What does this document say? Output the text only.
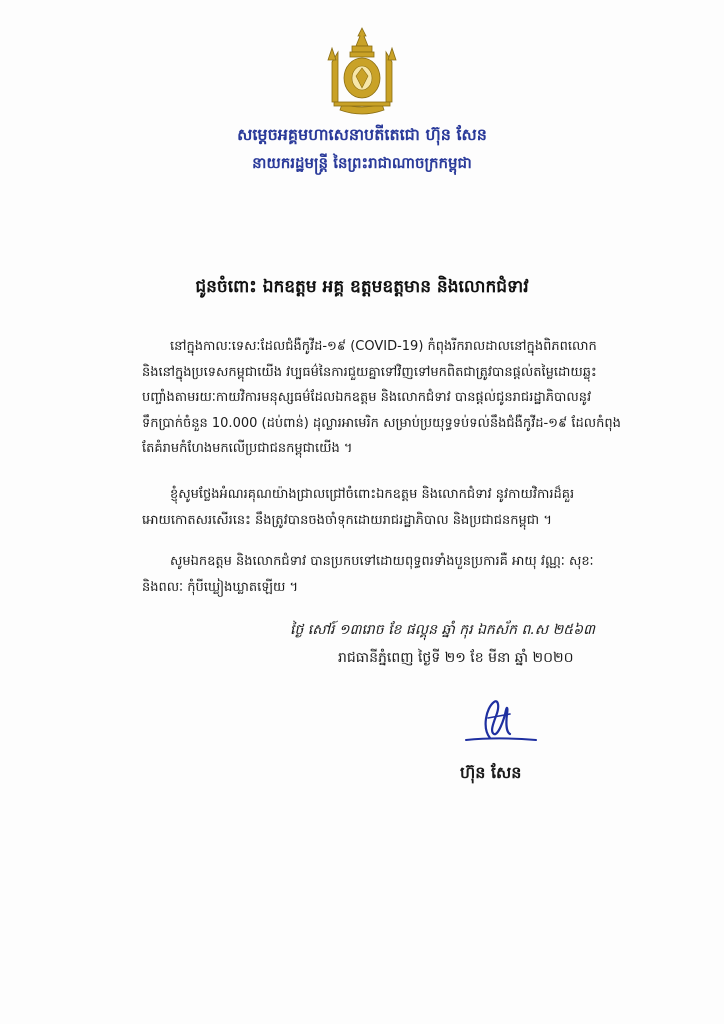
សម្តេចអគ្គមហាសេនាបតីតេជោ ហ៊ុន សែន
នាយករដ្ឋមន្ត្រី នៃព្រះរាជាណាចក្រកម្ពុជា
ជូនចំពោះ ឯកឧត្តម អគ្គ ឧត្តមឧត្តមាន និងលោកជំទាវ
នៅក្នុងកាលៈទេសៈដែលជំងឺកូវីដ-១៩ (COVID-19) កំពុងរីករាលដាលនៅក្នុងពិភពលោក
និងនៅក្នុងប្រទេសកម្ពុជាយើង វប្បធម៌នៃការជួយគ្នាទៅវិញទៅមកពិតជាត្រូវបានផ្តល់តម្លៃដោយឆ្លុះ
បញ្ចាំងតាមរយៈកាយវិការមនុស្សធម៌ដែលឯកឧត្តម និងលោកជំទាវ បានផ្តល់ជូនរាជរដ្ឋាភិបាលនូវ
ទឹកប្រាក់ចំនួន 10.000 (ដប់ពាន់) ដុល្លារអាមេរិក សម្រាប់ប្រយុទ្ធទប់ទល់នឹងជំងឺកូវីដ-១៩ ដែលកំពុង
តែគំរាមកំហែងមកលើប្រជាជនកម្ពុជាយើង ។
ខ្ញុំសូមថ្លែងអំណរគុណយ៉ាងជ្រាលជ្រៅចំពោះឯកឧត្តម និងលោកជំទាវ នូវកាយវិការដ៏គួរ
អោយកោតសរសើរនេះ នឹងត្រូវបានចងចាំទុកដោយរាជរដ្ឋាភិបាល និងប្រជាជនកម្ពុជា ។
សូមឯកឧត្តម និងលោកជំទាវ បានប្រកបទៅដោយពុទ្ធពរទាំងបួនប្រការគឺ អាយុ វណ្ណៈ សុខៈ
និងពលៈ កុំបីឃ្លៀងឃ្លាតឡើយ ។
ថ្ងៃ សៅរ៍ ១៣រោច ខែ ផល្គុន ឆ្នាំ កុរ ឯកស័ក ព.ស ២៥៦៣
រាជធានីភ្នំពេញ ថ្ងៃទី ២១ ខែ មីនា ឆ្នាំ ២០២០
ហ៊ុន សែន
